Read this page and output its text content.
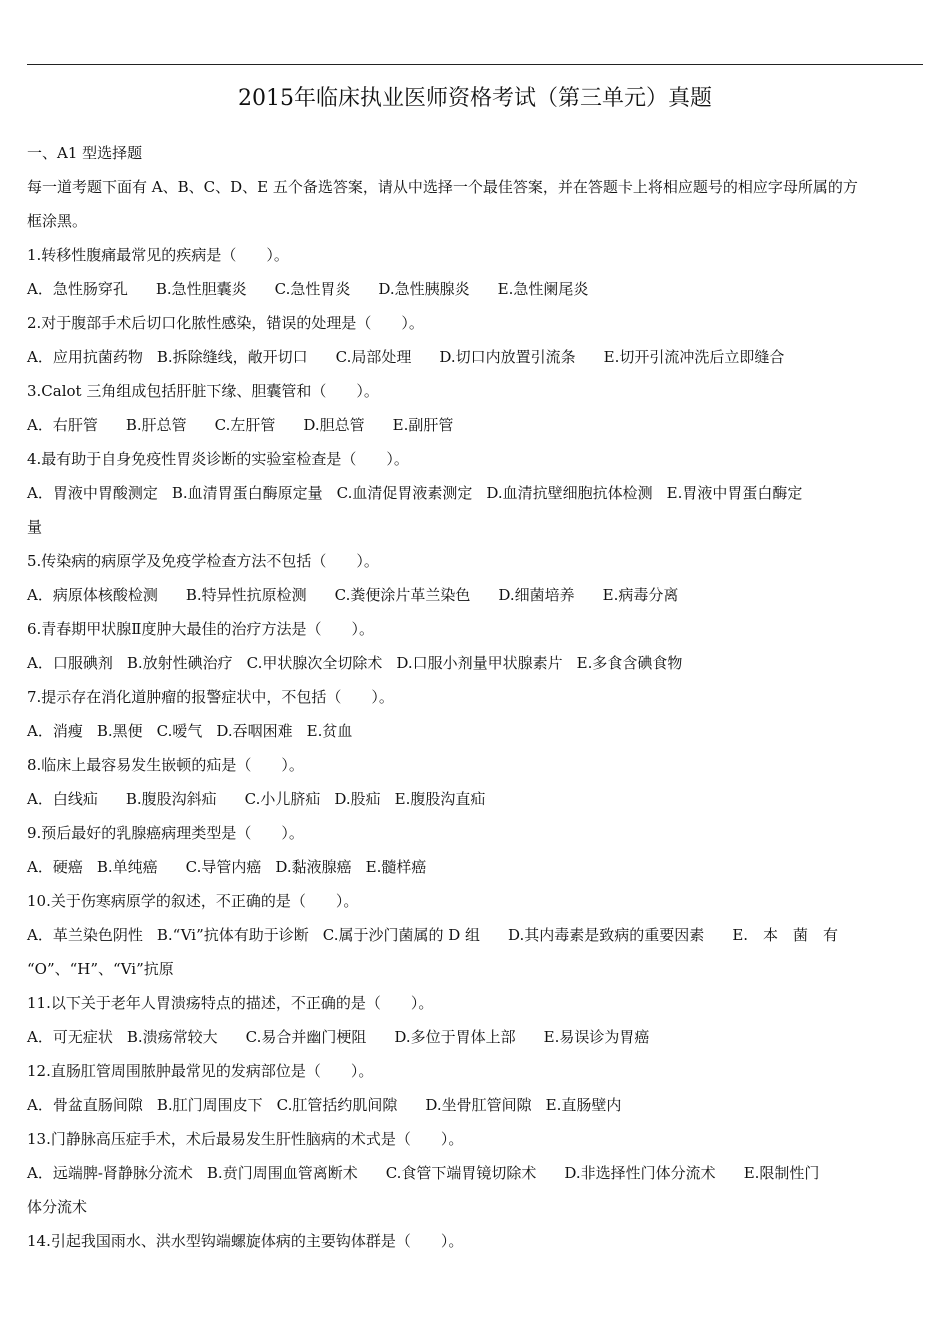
2015年临床执业医师资格考试（第三单元）真题
一、A1 型选择题
每一道考题下面有 A、B、C、D、E 五个备选答案，请从中选择一个最佳答案，并在答题卡上将相应题号的相应字母所属的方
框涂黑。
1.转移性腹痛最常见的疾病是（　　）。
A．急性肠穿孔 B.急性胆囊炎 C.急性胃炎 D.急性胰腺炎 E.急性阑尾炎
2.对于腹部手术后切口化脓性感染，错误的处理是（　　）。
A．应用抗菌药物 B.拆除缝线，敞开切口 C.局部处理 D.切口内放置引流条 E.切开引流冲洗后立即缝合
3.Calot 三角组成包括肝脏下缘、胆囊管和（　　）。
A．右肝管 B.肝总管 C.左肝管 D.胆总管 E.副肝管
4.最有助于自身免疫性胃炎诊断的实验室检查是（　　）。
A．胃液中胃酸测定 B.血清胃蛋白酶原定量 C.血清促胃液素测定 D.血清抗壁细胞抗体检测 E.胃液中胃蛋白酶定
量
5.传染病的病原学及免疫学检查方法不包括（　　）。
A．病原体核酸检测 B.特异性抗原检测 C.粪便涂片革兰染色 D.细菌培养 E.病毒分离
6.青春期甲状腺Ⅱ度肿大最佳的治疗方法是（　　）。
A．口服碘剂 B.放射性碘治疗 C.甲状腺次全切除术 D.口服小剂量甲状腺素片 E.多食含碘食物
7.提示存在消化道肿瘤的报警症状中，不包括（　　）。
A．消瘦 B.黑便 C.嗳气 D.吞咽困难 E.贫血
8.临床上最容易发生嵌顿的疝是（　　）。
A．白线疝 B.腹股沟斜疝 C.小儿脐疝 D.股疝 E.腹股沟直疝
9.预后最好的乳腺癌病理类型是（　　）。
A．硬癌 B.单纯癌 C.导管内癌 D.黏液腺癌 E.髓样癌
10.关于伤寒病原学的叙述，不正确的是（　　）。
A．革兰染色阴性 B.“Vi”抗体有助于诊断 C.属于沙门菌属的 D 组 D.其内毒素是致病的重要因素 E.　本　菌　有
“O”、“H”、“Vi”抗原
11.以下关于老年人胃溃疡特点的描述，不正确的是（　　）。
A．可无症状 B.溃疡常较大 C.易合并幽门梗阻 D.多位于胃体上部 E.易误诊为胃癌
12.直肠肛管周围脓肿最常见的发病部位是（　　）。
A．骨盆直肠间隙 B.肛门周围皮下 C.肛管括约肌间隙 D.坐骨肛管间隙 E.直肠壁内
13.门静脉高压症手术，术后最易发生肝性脑病的术式是（　　）。
A．远端脾-肾静脉分流术 B.贲门周围血管离断术 C.食管下端胃镜切除术 D.非选择性门体分流术 E.限制性门
体分流术
14.引起我国雨水、洪水型钩端螺旋体病的主要钩体群是（　　）。
